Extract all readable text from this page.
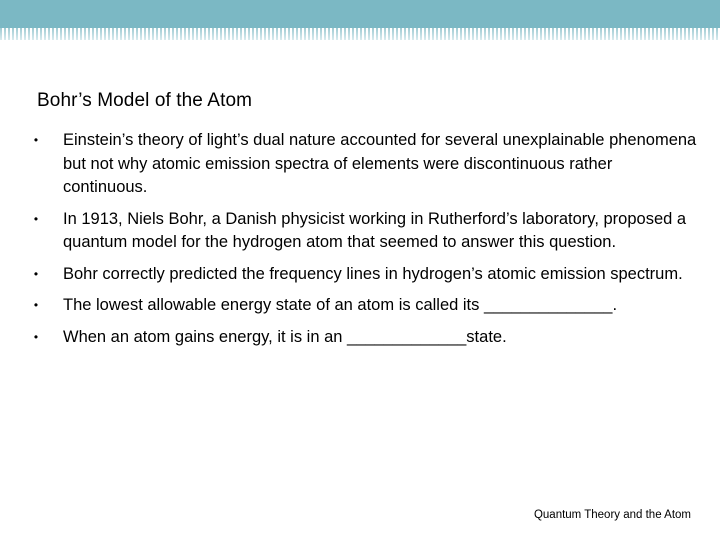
Bohr’s Model of the Atom
• Einstein’s theory of light’s dual nature accounted for several unexplainable phenomena but not why atomic emission spectra of elements were discontinuous rather continuous.
• In 1913, Niels Bohr, a Danish physicist working in Rutherford’s laboratory, proposed a quantum model for the hydrogen atom that seemed to answer this question.
• Bohr correctly predicted the frequency lines in hydrogen’s atomic emission spectrum.
• The lowest allowable energy state of an atom is called its ______________.
• When an atom gains energy, it is in an _____________state.
Quantum Theory and the Atom
